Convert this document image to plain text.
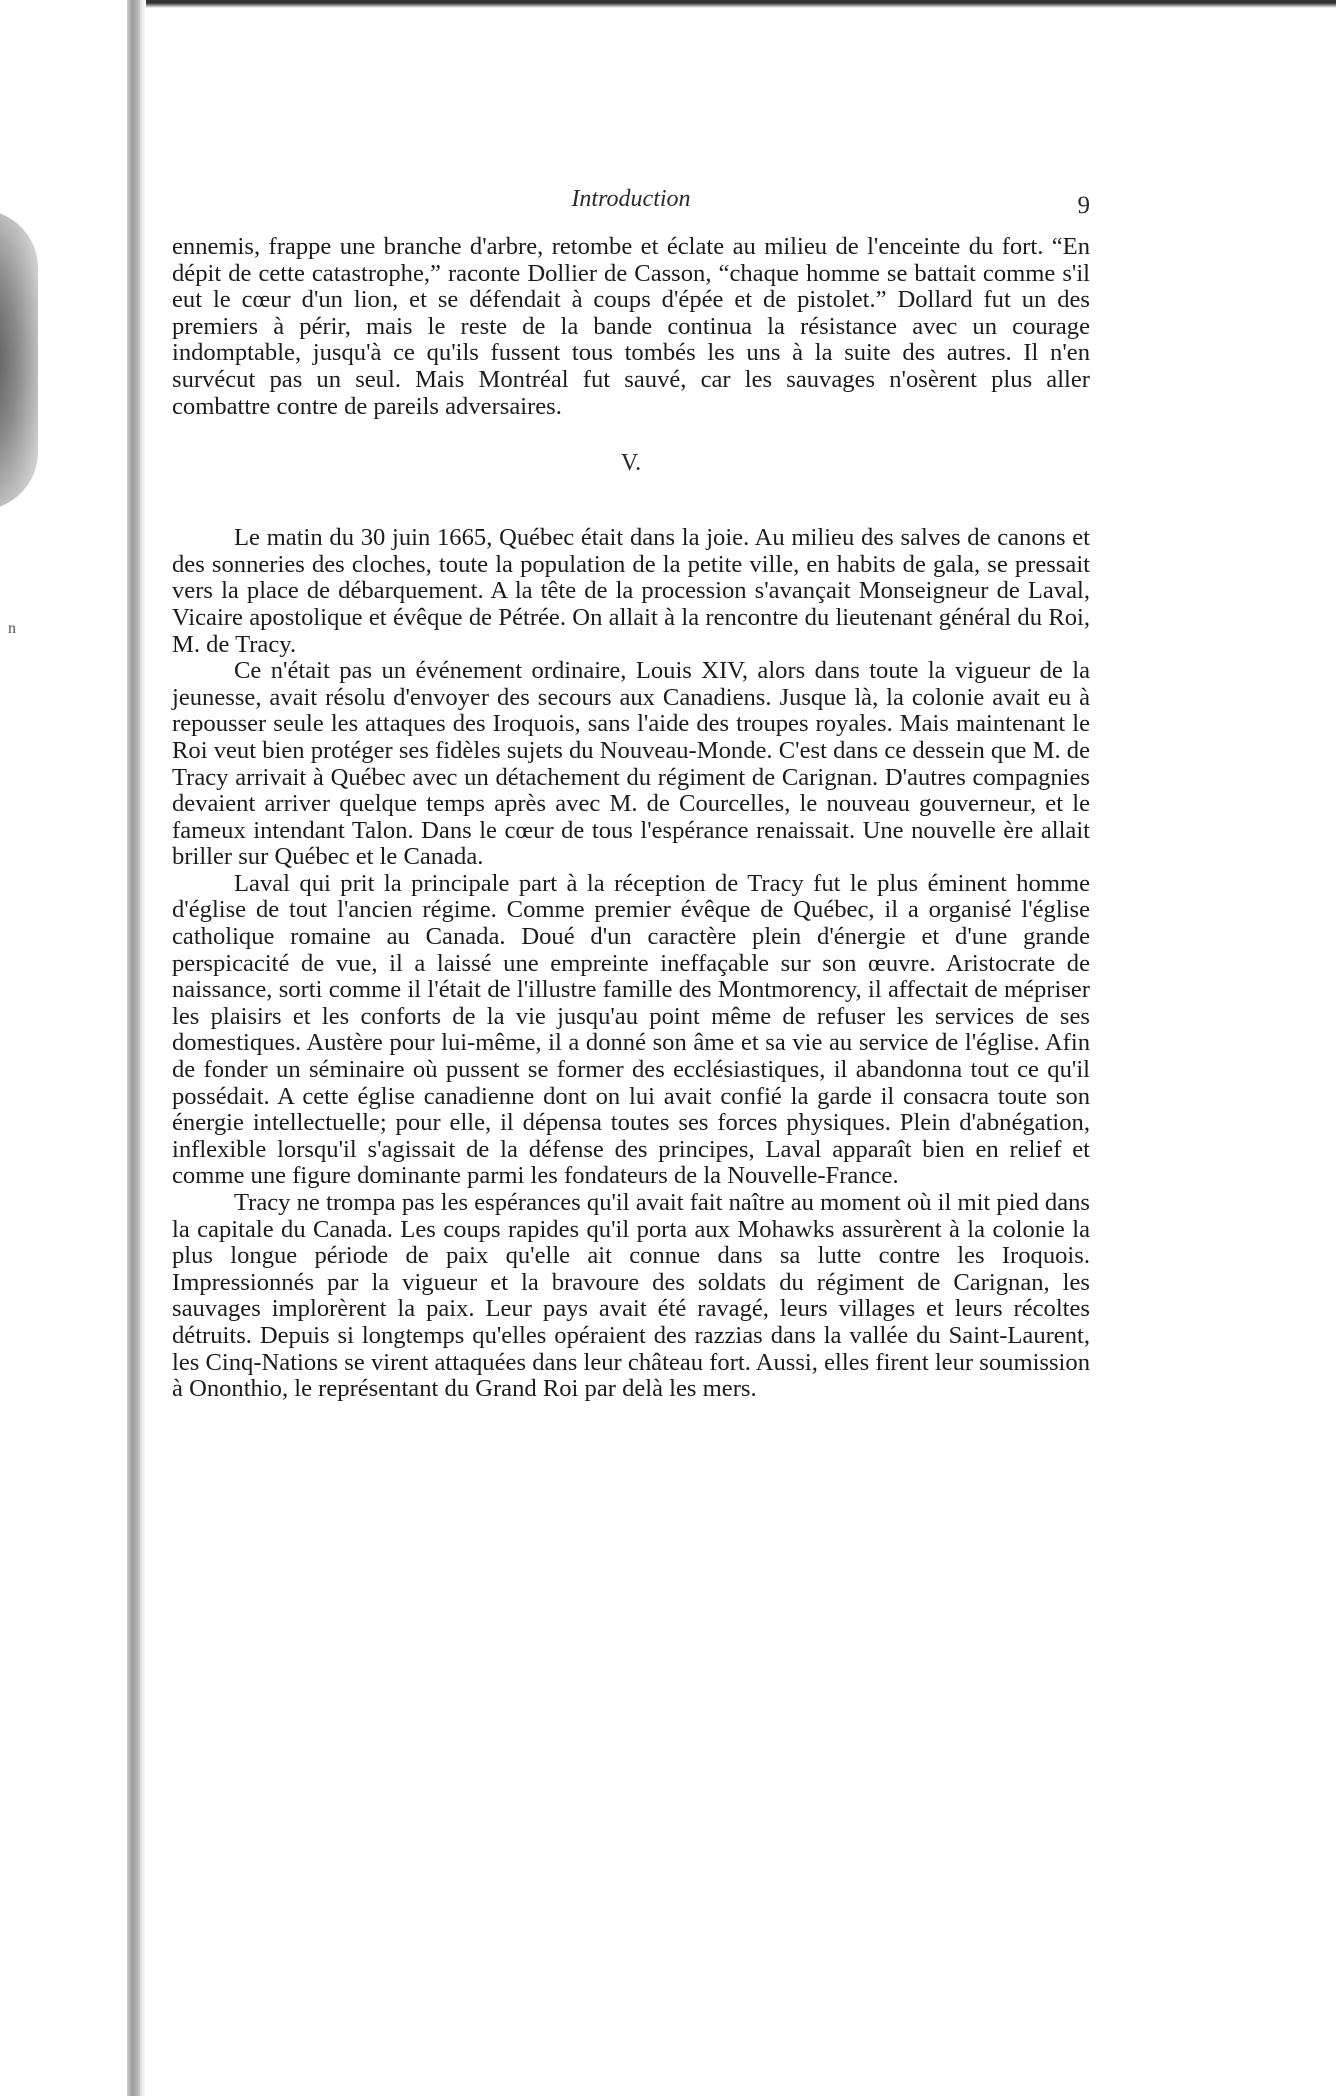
n
Introduction	9

ennemis, frappe une branche d'arbre, retombe et éclate au milieu de l'enceinte du fort. “En dépit de cette catastrophe,” raconte Dollier de Casson, “chaque homme se battait comme s'il eut le cœur d'un lion, et se défendait à coups d'épée et de pistolet.” Dollard fut un des premiers à périr, mais le reste de la bande continua la résistance avec un courage indomptable, jusqu'à ce qu'ils fussent tous tombés les uns à la suite des autres. Il n'en survécut pas un seul. Mais Montréal fut sauvé, car les sauvages n'osèrent plus aller combattre contre de pareils adversaires.

V.

Le matin du 30 juin 1665, Québec était dans la joie. Au milieu des salves de canons et des sonneries des cloches, toute la population de la petite ville, en habits de gala, se pressait vers la place de débarquement. A la tête de la procession s'avançait Monseigneur de Laval, Vicaire apostolique et évêque de Pétrée. On allait à la rencontre du lieutenant général du Roi, M. de Tracy.

Ce n'était pas un événement ordinaire, Louis XIV, alors dans toute la vigueur de la jeunesse, avait résolu d'envoyer des secours aux Canadiens. Jusque là, la colonie avait eu à repousser seule les attaques des Iroquois, sans l'aide des troupes royales. Mais maintenant le Roi veut bien protéger ses fidèles sujets du Nouveau-Monde. C'est dans ce dessein que M. de Tracy arrivait à Québec avec un détachement du régiment de Carignan. D'autres compagnies devaient arriver quelque temps après avec M. de Courcelles, le nouveau gouverneur, et le fameux intendant Talon. Dans le cœur de tous l'espérance renaissait. Une nouvelle ère allait briller sur Québec et le Canada.

Laval qui prit la principale part à la réception de Tracy fut le plus éminent homme d'église de tout l'ancien régime. Comme premier évêque de Québec, il a organisé l'église catholique romaine au Canada. Doué d'un caractère plein d'énergie et d'une grande perspicacité de vue, il a laissé une empreinte ineffaçable sur son œuvre. Aristocrate de naissance, sorti comme il l'était de l'illustre famille des Montmorency, il affectait de mépriser les plaisirs et les conforts de la vie jusqu'au point même de refuser les services de ses domestiques. Austère pour lui-même, il a donné son âme et sa vie au service de l'église. Afin de fonder un séminaire où pussent se former des ecclésiastiques, il abandonna tout ce qu'il possédait. A cette église canadienne dont on lui avait confié la garde il consacra toute son énergie intellectuelle; pour elle, il dépensa toutes ses forces physiques. Plein d'abnégation, inflexible lorsqu'il s'agissait de la défense des principes, Laval apparaît bien en relief et comme une figure dominante parmi les fondateurs de la Nouvelle-France.

Tracy ne trompa pas les espérances qu'il avait fait naître au moment où il mit pied dans la capitale du Canada. Les coups rapides qu'il porta aux Mohawks assurèrent à la colonie la plus longue période de paix qu'elle ait connue dans sa lutte contre les Iroquois. Impressionnés par la vigueur et la bravoure des soldats du régiment de Carignan, les sauvages implorèrent la paix. Leur pays avait été ravagé, leurs villages et leurs récoltes détruits. Depuis si longtemps qu'elles opéraient des razzias dans la vallée du Saint-Laurent, les Cinq-Nations se virent attaquées dans leur château fort. Aussi, elles firent leur soumission à Ononthio, le représentant du Grand Roi par delà les mers.
